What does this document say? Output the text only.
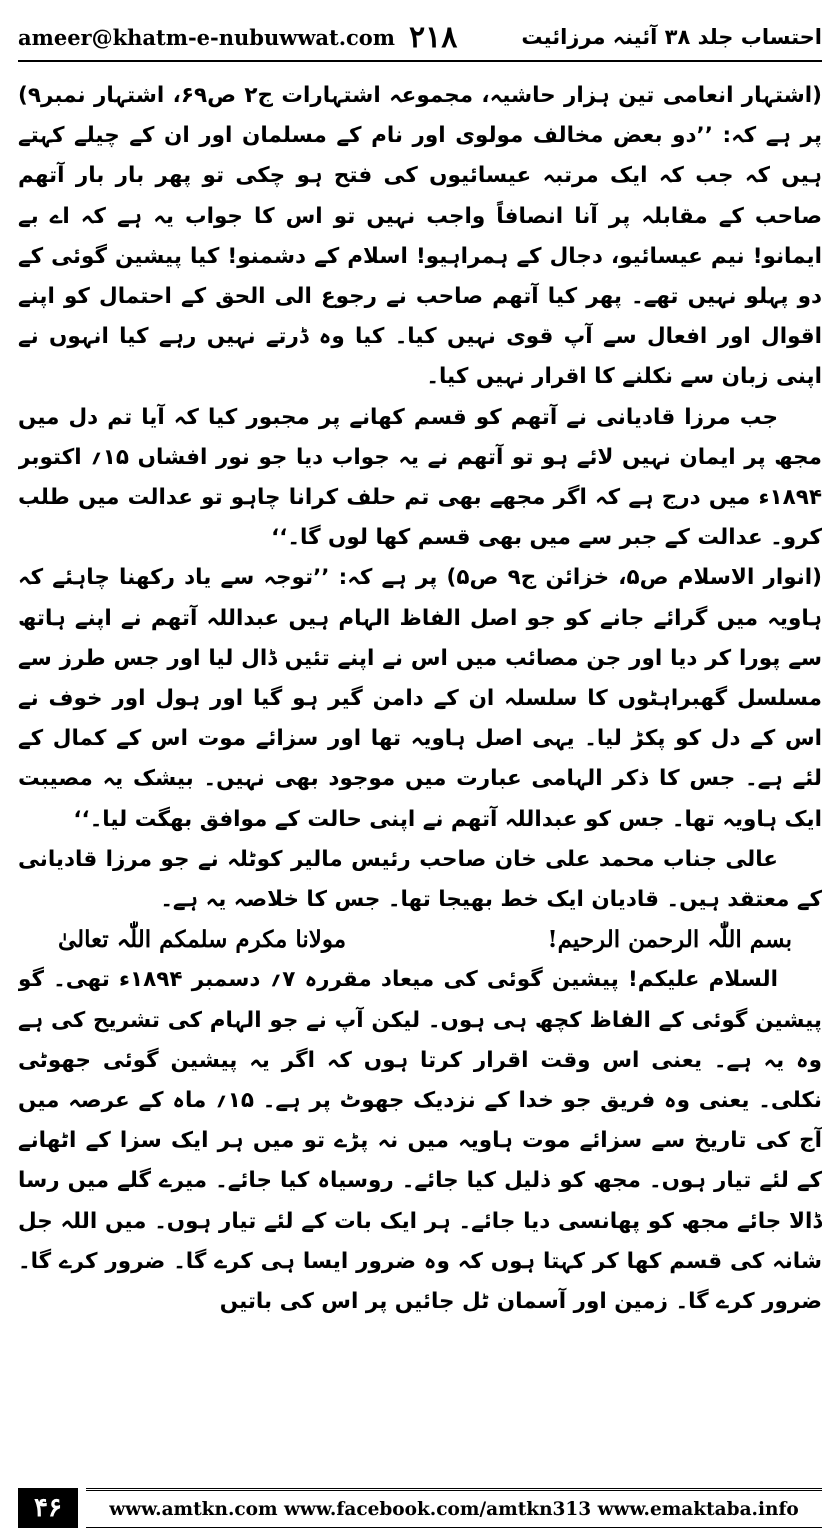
ameer@khatm-e-nubuwwat.com ۲۱۸	احتساب جلد ۳۸ آئینہ مرزائیت

(اشتہار انعامی تین ہزار حاشیہ، مجموعہ اشتہارات ج۲ ص۶۹، اشتہار نمبر۹) پر ہے کہ: ’’دو بعض مخالف مولوی اور نام کے مسلمان اور ان کے چیلے کہتے ہیں کہ جب کہ ایک مرتبہ عیسائیوں کی فتح ہو چکی تو پھر بار بار آتھم صاحب کے مقابلہ پر آنا انصافاً واجب نہیں تو اس کا جواب یہ ہے کہ اے بے ایمانو! نیم عیسائیو، دجال کے ہمراہیو! اسلام کے دشمنو! کیا پیشین گوئی کے دو پہلو نہیں تھے۔ پھر کیا آتھم صاحب نے رجوع الی الحق کے احتمال کو اپنے اقوال اور افعال سے آپ قوی نہیں کیا۔ کیا وہ ڈرتے نہیں رہے کیا انہوں نے اپنی زبان سے نکلنے کا اقرار نہیں کیا۔

جب مرزا قادیانی نے آتھم کو قسم کھانے پر مجبور کیا کہ آیا تم دل میں مجھ پر ایمان نہیں لائے ہو تو آتھم نے یہ جواب دیا جو نور افشاں ۱۵؍ اکتوبر ۱۸۹۴ء میں درج ہے کہ اگر مجھے بھی تم حلف کرانا چاہو تو عدالت میں طلب کرو۔ عدالت کے جبر سے میں بھی قسم کھا لوں گا۔‘‘

(انوار الاسلام ص۵، خزائن ج۹ ص۵) پر ہے کہ: ’’توجہ سے یاد رکھنا چاہئے کہ ہاویہ میں گرائے جانے کو جو اصل الفاظ الہام ہیں عبداللہ آتھم نے اپنے ہاتھ سے پورا کر دیا اور جن مصائب میں اس نے اپنے تئیں ڈال لیا اور جس طرز سے مسلسل گھبراہٹوں کا سلسلہ ان کے دامن گیر ہو گیا اور ہول اور خوف نے اس کے دل کو پکڑ لیا۔ یہی اصل ہاویہ تھا اور سزائے موت اس کے کمال کے لئے ہے۔ جس کا ذکر الہامی عبارت میں موجود بھی نہیں۔ بیشک یہ مصیبت ایک ہاویہ تھا۔ جس کو عبداللہ آتھم نے اپنی حالت کے موافق بھگت لیا۔‘‘

عالی جناب محمد علی خان صاحب رئیس مالیر کوٹلہ نے جو مرزا قادیانی کے معتقد ہیں۔ قادیان ایک خط بھیجا تھا۔ جس کا خلاصہ یہ ہے۔

بسم اللّٰہ الرحمن الرحیم!
مولانا مکرم سلمکم اللّٰہ تعالیٰ

السلام علیکم! پیشین گوئی کی میعاد مقررہ ۷؍ دسمبر ۱۸۹۴ء تھی۔ گو پیشین گوئی کے الفاظ کچھ ہی ہوں۔ لیکن آپ نے جو الہام کی تشریح کی ہے وہ یہ ہے۔ یعنی اس وقت اقرار کرتا ہوں کہ اگر یہ پیشین گوئی جھوٹی نکلی۔ یعنی وہ فریق جو خدا کے نزدیک جھوٹ پر ہے۔ ۱۵؍ ماہ کے عرصہ میں آج کی تاریخ سے سزائے موت ہاویہ میں نہ پڑے تو میں ہر ایک سزا کے اٹھانے کے لئے تیار ہوں۔ مجھ کو ذلیل کیا جائے۔ روسیاہ کیا جائے۔ میرے گلے میں رسا ڈالا جائے مجھ کو پھانسی دیا جائے۔ ہر ایک بات کے لئے تیار ہوں۔ میں اللہ جل شانہ کی قسم کھا کر کہتا ہوں کہ وہ ضرور ایسا ہی کرے گا۔ ضرور کرے گا۔ ضرور کرے گا۔ زمین اور آسمان ٹل جائیں پر اس کی باتیں

۴۶	www.amtkn.com www.facebook.com/amtkn313 www.emaktaba.info
